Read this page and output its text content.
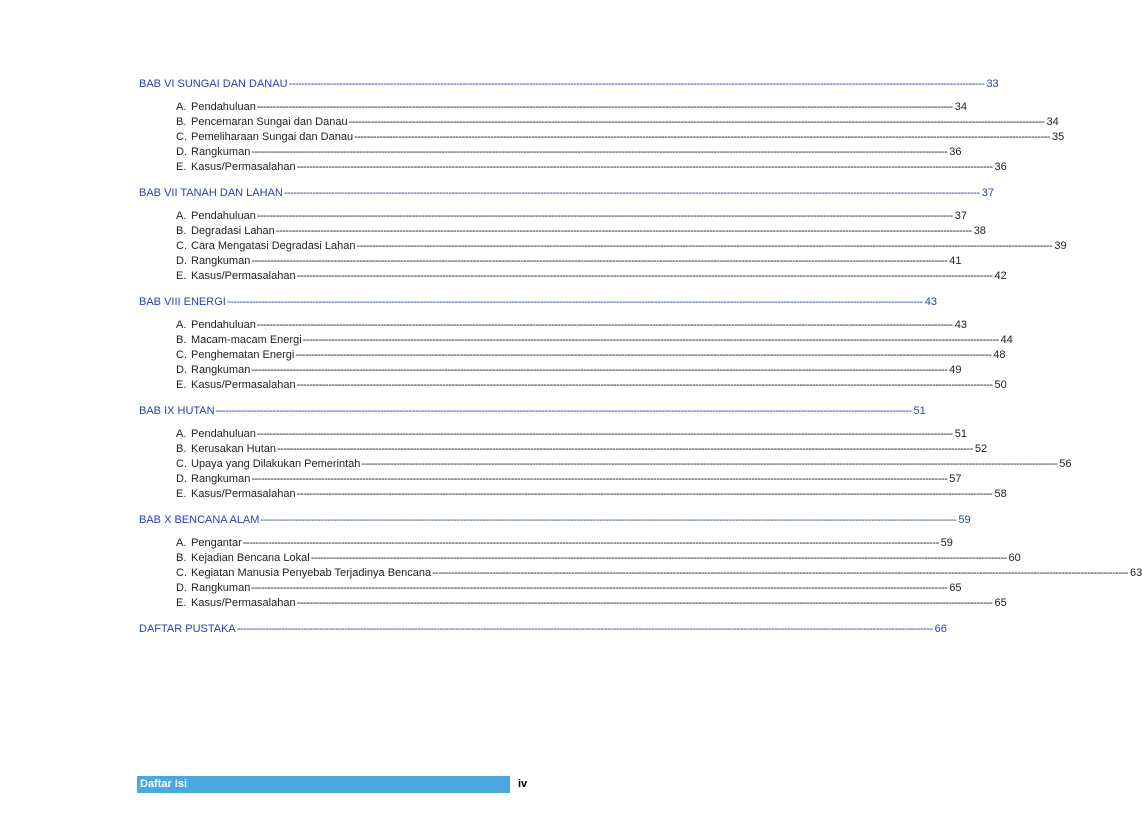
BAB VI SUNGAI DAN DANAU ---------------------------------------------------------------------------------------------------------------------------------------------------------------------------------------------------------------------------- 33
A. Pendahuluan ---------------------------------------------------------------------------------------------------------------------------------------------------------------------------------------------------------------------------- 34
B. Pencemaran Sungai dan Danau ---------------------------------------------------------------------------------------------------------------------------------------------------------------------------------------------------------------------------- 34
C. Pemeliharaan Sungai dan Danau ---------------------------------------------------------------------------------------------------------------------------------------------------------------------------------------------------------------------------- 35
D. Rangkuman ---------------------------------------------------------------------------------------------------------------------------------------------------------------------------------------------------------------------------- 36
E. Kasus/Permasalahan ---------------------------------------------------------------------------------------------------------------------------------------------------------------------------------------------------------------------------- 36
BAB VII TANAH DAN LAHAN ---------------------------------------------------------------------------------------------------------------------------------------------------------------------------------------------------------------------------- 37
A. Pendahuluan ---------------------------------------------------------------------------------------------------------------------------------------------------------------------------------------------------------------------------- 37
B. Degradasi Lahan ---------------------------------------------------------------------------------------------------------------------------------------------------------------------------------------------------------------------------- 38
C. Cara Mengatasi Degradasi Lahan ---------------------------------------------------------------------------------------------------------------------------------------------------------------------------------------------------------------------------- 39
D. Rangkuman ---------------------------------------------------------------------------------------------------------------------------------------------------------------------------------------------------------------------------- 41
E. Kasus/Permasalahan ---------------------------------------------------------------------------------------------------------------------------------------------------------------------------------------------------------------------------- 42
BAB VIII ENERGI ---------------------------------------------------------------------------------------------------------------------------------------------------------------------------------------------------------------------------- 43
A. Pendahuluan ---------------------------------------------------------------------------------------------------------------------------------------------------------------------------------------------------------------------------- 43
B. Macam-macam Energi ---------------------------------------------------------------------------------------------------------------------------------------------------------------------------------------------------------------------------- 44
C. Penghematan Energi ---------------------------------------------------------------------------------------------------------------------------------------------------------------------------------------------------------------------------- 48
D. Rangkuman ---------------------------------------------------------------------------------------------------------------------------------------------------------------------------------------------------------------------------- 49
E. Kasus/Permasalahan ---------------------------------------------------------------------------------------------------------------------------------------------------------------------------------------------------------------------------- 50
BAB IX HUTAN ---------------------------------------------------------------------------------------------------------------------------------------------------------------------------------------------------------------------------- 51
A. Pendahuluan ---------------------------------------------------------------------------------------------------------------------------------------------------------------------------------------------------------------------------- 51
B. Kerusakan Hutan ---------------------------------------------------------------------------------------------------------------------------------------------------------------------------------------------------------------------------- 52
C. Upaya yang Dilakukan Pemerintah ---------------------------------------------------------------------------------------------------------------------------------------------------------------------------------------------------------------------------- 56
D. Rangkuman ---------------------------------------------------------------------------------------------------------------------------------------------------------------------------------------------------------------------------- 57
E. Kasus/Permasalahan ---------------------------------------------------------------------------------------------------------------------------------------------------------------------------------------------------------------------------- 58
BAB X BENCANA ALAM ---------------------------------------------------------------------------------------------------------------------------------------------------------------------------------------------------------------------------- 59
A. Pengantar ---------------------------------------------------------------------------------------------------------------------------------------------------------------------------------------------------------------------------- 59
B. Kejadian Bencana Lokal ---------------------------------------------------------------------------------------------------------------------------------------------------------------------------------------------------------------------------- 60
C. Kegiatan Manusia Penyebab Terjadinya Bencana ---------------------------------------------------------------------------------------------------------------------------------------------------------------------------------------------------------------------------- 63
D. Rangkuman ---------------------------------------------------------------------------------------------------------------------------------------------------------------------------------------------------------------------------- 65
E. Kasus/Permasalahan ---------------------------------------------------------------------------------------------------------------------------------------------------------------------------------------------------------------------------- 65
DAFTAR PUSTAKA ---------------------------------------------------------------------------------------------------------------------------------------------------------------------------------------------------------------------------- 66
Daftar Isi	iv
